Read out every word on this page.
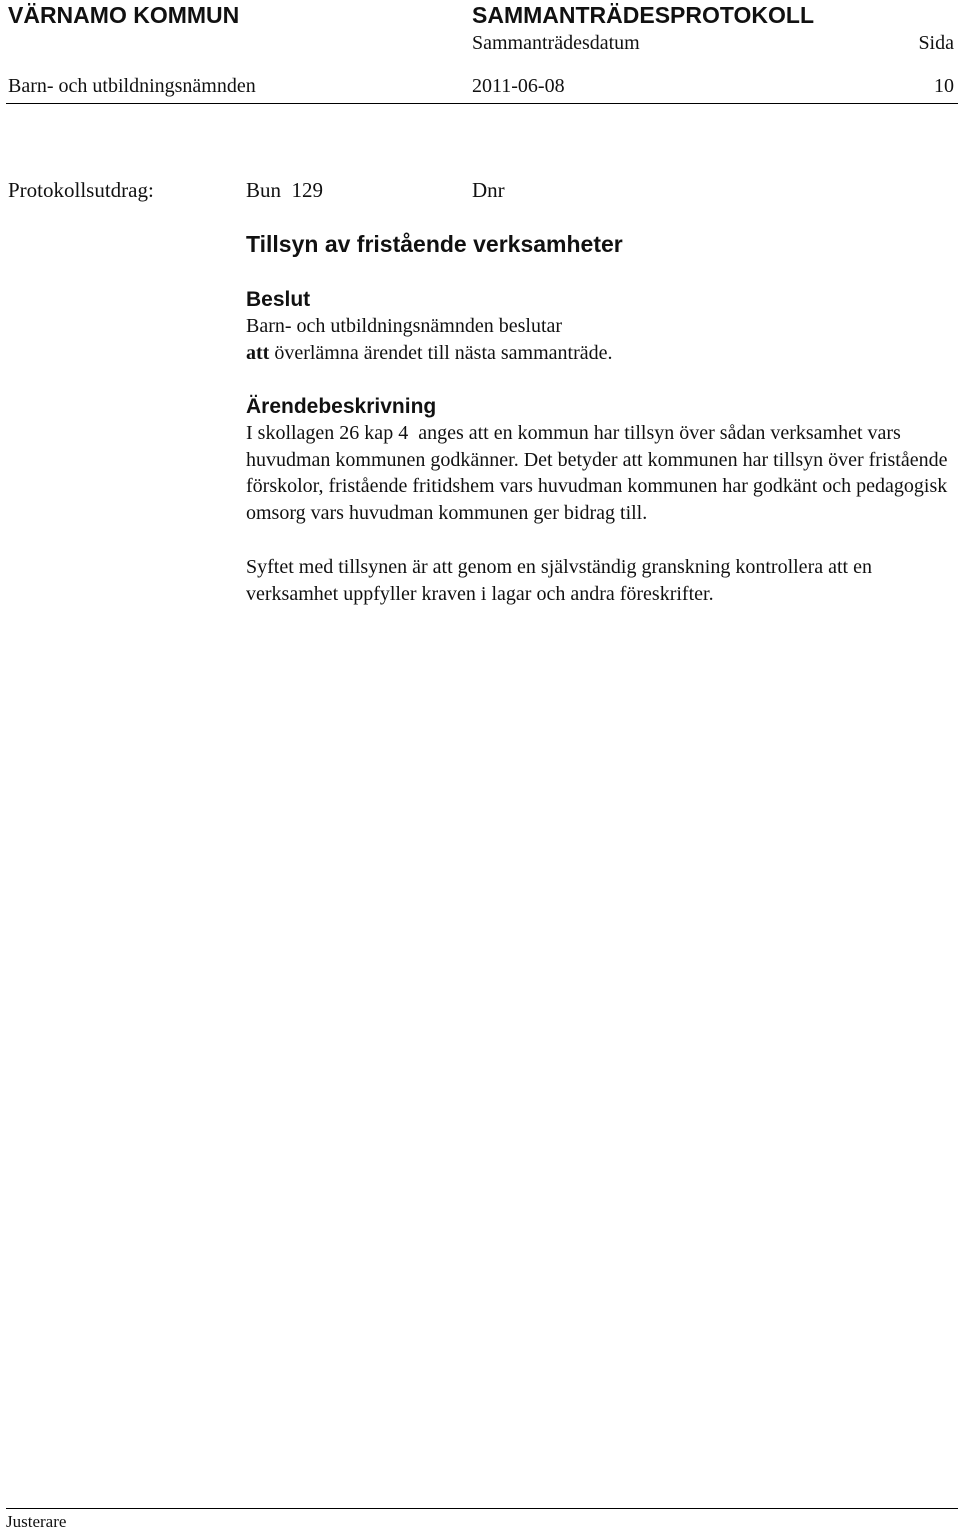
VÄRNAMO KOMMUN	SAMMANTRÄDESPROTOKOLL
Sammanträdesdatum	Sida
Barn- och utbildningsnämnden	2011-06-08	10
Protokollsutdrag:	Bun  129	Dnr
Tillsyn av fristående verksamheter
Beslut
Barn- och utbildningsnämnden beslutar
att överlämna ärendet till nästa sammanträde.
Ärendebeskrivning
I skollagen 26 kap 4  anges att en kommun har tillsyn över sådan verksamhet vars huvudman kommunen godkänner. Det betyder att kommunen har tillsyn över fristående förskolor, fristående fritidshem vars huvudman kommunen har godkänt och pedagogisk omsorg vars huvudman kommunen ger bidrag till.
Syftet med tillsynen är att genom en självständig granskning kontrollera att en verksamhet uppfyller kraven i lagar och andra föreskrifter.
Justerare
